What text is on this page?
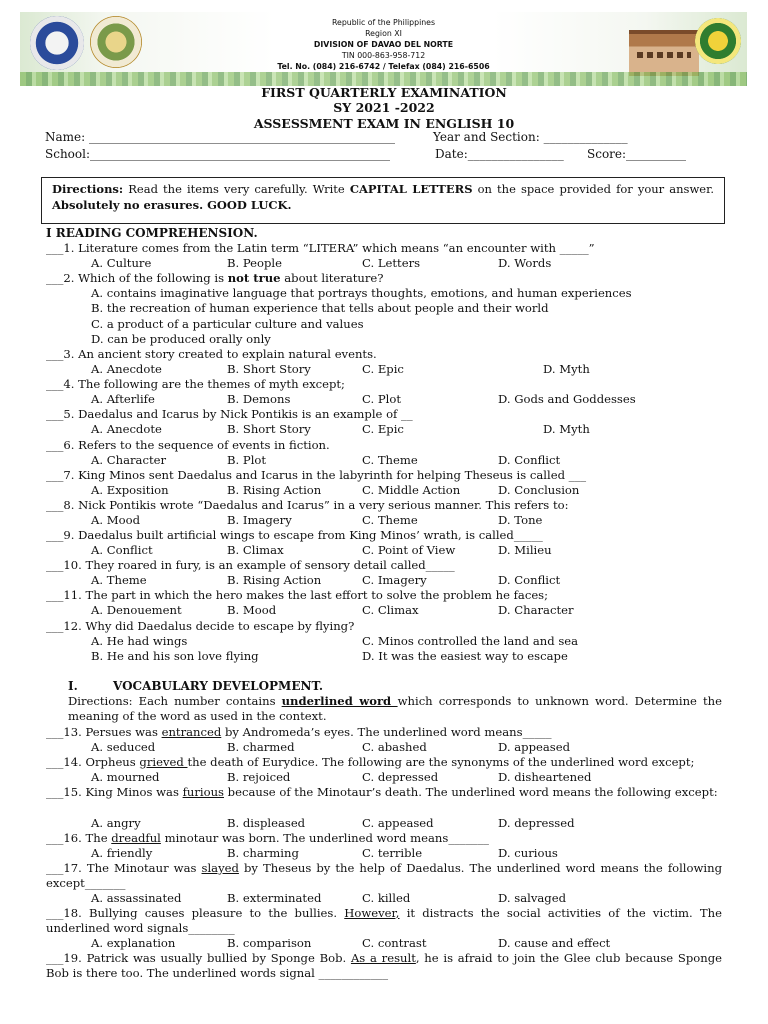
Republic of the Philippines
Region XI
DIVISION OF DAVAO DEL NORTE
TIN 000-863-958-712
Tel. No. (084) 216-6742 / Telefax (084) 216-6506
FIRST QUARTERLY EXAMINATION
SY 2021 -2022
ASSESSMENT EXAM IN ENGLISH 10
Name: ___________________________________________________	Year and Section: ______________
School:__________________________________________________	Date:________________ Score:__________
Directions: Read the items very carefully. Write CAPITAL LETTERS on the space provided for your answer. Absolutely no erasures. GOOD LUCK.
I READING COMPREHENSION.
___1. Literature comes from the Latin term “LITERA” which means “an encounter with _____”
A. Culture	B. People	C. Letters	D. Words
___2. Which of the following is not true about literature?
A. contains imaginative language that portrays thoughts, emotions, and human experiences
B. the recreation of human experience that tells about people and their world
C. a product of a particular culture and values
D. can be produced orally only
___3. An ancient story created to explain natural events.
A. Anecdote	B. Short Story	C. Epic	D. Myth
___4. The following are the themes of myth except;
A. Afterlife	B. Demons	C. Plot	D. Gods and Goddesses
___5. Daedalus and Icarus by Nick Pontikis is an example of __
A. Anecdote	B. Short Story	C. Epic	D. Myth
___6. Refers to the sequence of events in fiction.
A. Character	B. Plot	C. Theme	D. Conflict
___7. King Minos sent Daedalus and Icarus in the labyrinth for helping Theseus is called ___
A. Exposition	B. Rising Action	C. Middle Action	D. Conclusion
___8. Nick Pontikis wrote “Daedalus and Icarus” in a very serious manner. This refers to:
A. Mood	B. Imagery	C. Theme	D. Tone
___9. Daedalus built artificial wings to escape from King Minos’ wrath, is called_____
A. Conflict	B. Climax	C. Point of View	D. Milieu
___10. They roared in fury, is an example of sensory detail called_____
A. Theme	B. Rising Action	C. Imagery	D. Conflict
___11. The part in which the hero makes the last effort to solve the problem he faces;
A. Denouement	B. Mood	C. Climax	D. Character
___12. Why did Daedalus decide to escape by flying?
A. He had wings	C. Minos controlled the land and sea
B. He and his son love flying	D. It was the easiest way to escape
I.	VOCABULARY DEVELOPMENT.
Directions: Each number contains underlined word which corresponds to unknown word. Determine the meaning of the word as used in the context.
___13. Persues was entranced by Andromeda’s eyes. The underlined word means_____
A. seduced	B. charmed	C. abashed	D. appeased
___14. Orpheus grieved the death of Eurydice. The following are the synonyms of the underlined word except;
A. mourned	B. rejoiced	C. depressed	D. disheartened
___15. King Minos was furious because of the Minotaur’s death. The underlined word means the following except:
A. angry	B. displeased	C. appeased	D. depressed
___16. The dreadful minotaur was born. The underlined word means_______
A. friendly	B. charming	C. terrible	D. curious
___17. The Minotaur was slayed by Theseus by the help of Daedalus. The underlined word means the following except_______
A. assassinated	B. exterminated	C. killed	D. salvaged
___18. Bullying causes pleasure to the bullies. However, it distracts the social activities of the victim. The underlined word signals________
A. explanation	B. comparison	C. contrast	D. cause and effect
___19. Patrick was usually bullied by Sponge Bob. As a result, he is afraid to join the Glee club because Sponge Bob is there too. The underlined words signal ____________
